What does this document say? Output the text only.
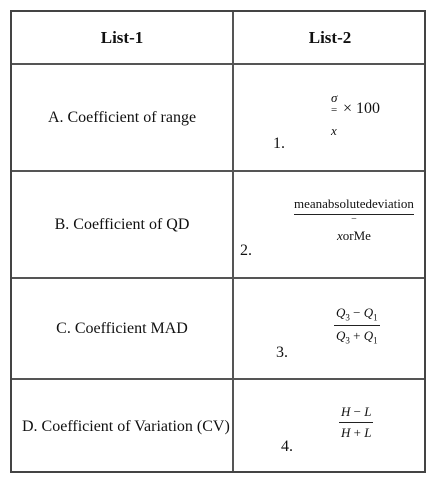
List-1	List-2
A. Coefficient of range
1.
σ
=
x
× 100
B. Coefficient of QD
2.
meanabsolutedeviation
−
xorMe
C. Coefficient MAD
3.
$\frac{Q_3 - Q_1}{Q_3 + Q_1}$
D. Coefficient of Variation (CV)
4.
$\frac{H - L}{H + L}$
